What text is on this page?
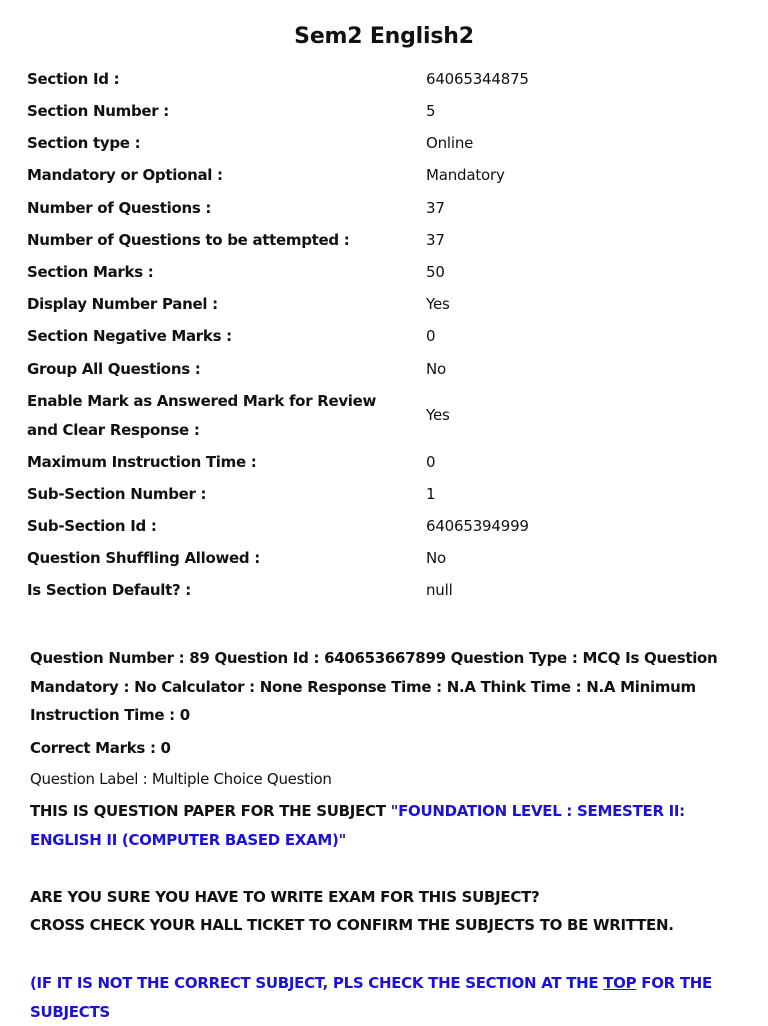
Sem2 English2
Section Id :	64065344875
Section Number :	5
Section type :	Online
Mandatory or Optional :	Mandatory
Number of Questions :	37
Number of Questions to be attempted :	37
Section Marks :	50
Display Number Panel :	Yes
Section Negative Marks :	0
Group All Questions :	No
Enable Mark as Answered Mark for Review and Clear Response :
Yes
Maximum Instruction Time :	0
Sub-Section Number :	1
Sub-Section Id :	64065394999
Question Shuffling Allowed :	No
Is Section Default? :	null
Question Number : 89 Question Id : 640653667899 Question Type : MCQ Is Question Mandatory : No Calculator : None Response Time : N.A Think Time : N.A Minimum Instruction Time : 0
Correct Marks : 0
Question Label : Multiple Choice Question
THIS IS QUESTION PAPER FOR THE SUBJECT "FOUNDATION LEVEL : SEMESTER II: ENGLISH II (COMPUTER BASED EXAM)"
ARE YOU SURE YOU HAVE TO WRITE EXAM FOR THIS SUBJECT?
CROSS CHECK YOUR HALL TICKET TO CONFIRM THE SUBJECTS TO BE WRITTEN.
(IF IT IS NOT THE CORRECT SUBJECT, PLS CHECK THE SECTION AT THE TOP FOR THE SUBJECTS
